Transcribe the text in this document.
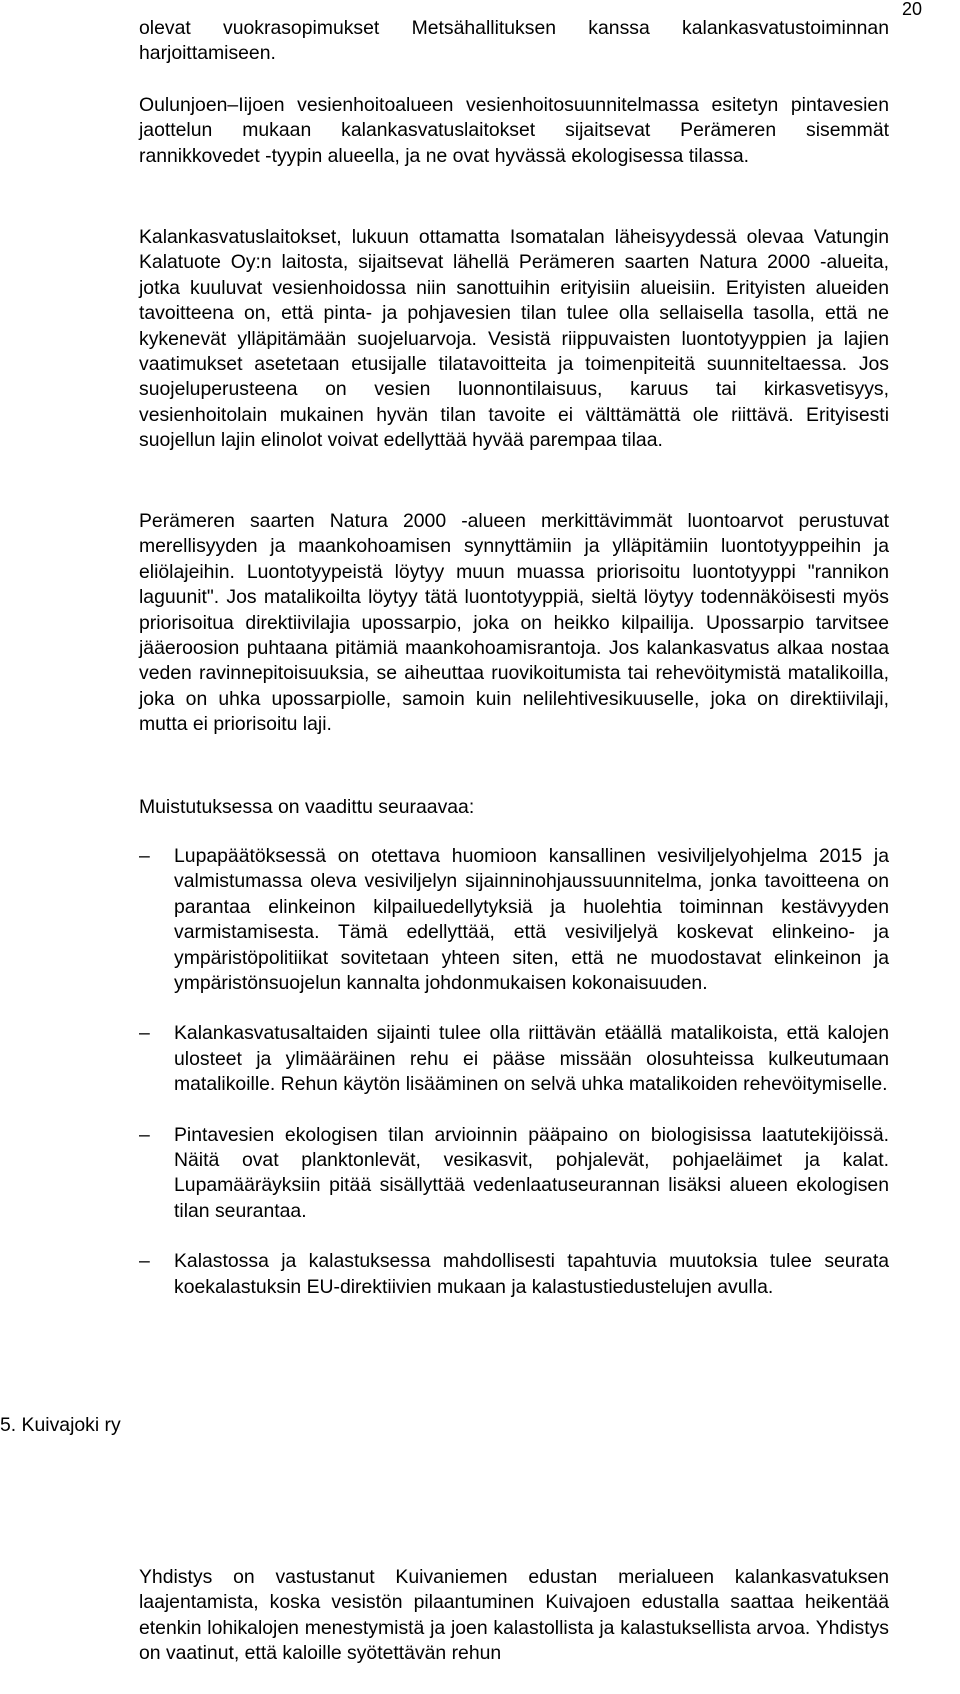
20

olevat vuokrasopimukset Metsähallituksen kanssa kalankasvatustoiminnan harjoittamiseen.

Oulunjoen–Iijoen vesienhoitoalueen vesienhoitosuunnitelmassa esitetyn pintavesien jaottelun mukaan kalankasvatuslaitokset sijaitsevat Perämeren sisemmät rannikkovedet -tyypin alueella, ja ne ovat hyvässä ekologisessa tilassa.

Kalankasvatuslaitokset, lukuun ottamatta Isomatalan läheisyydessä olevaa Vatungin Kalatuote Oy:n laitosta, sijaitsevat lähellä Perämeren saarten Natura 2000 -alueita, jotka kuuluvat vesienhoidossa niin sanottuihin erityisiin alueisiin. Erityisten alueiden tavoitteena on, että pinta- ja pohjavesien tilan tulee olla sellaisella tasolla, että ne kykenevät ylläpitämään suojeluarvoja. Vesistä riippuvaisten luontotyyppien ja lajien vaatimukset asetetaan etusijalle tilatavoitteita ja toimenpiteitä suunniteltaessa. Jos suojeluperusteena on vesien luonnontilaisuus, karuus tai kirkasvetisyys, vesienhoitolain mukainen hyvän tilan tavoite ei välttämättä ole riittävä. Erityisesti suojellun lajin elinolot voivat edellyttää hyvää parempaa tilaa.

Perämeren saarten Natura 2000 -alueen merkittävimmät luontoarvot perustuvat merellisyyden ja maankohoamisen synnyttämiin ja ylläpitämiin luontotyyppeihin ja eliölajeihin. Luontotyypeistä löytyy muun muassa priorisoitu luontotyyppi "rannikon laguunit". Jos matalikoilta löytyy tätä luontotyyppiä, sieltä löytyy todennäköisesti myös priorisoitua direktiivilajia upossarpio, joka on heikko kilpailija. Upossarpio tarvitsee jääeroosion puhtaana pitämiä maankohoamisrantoja. Jos kalankasvatus alkaa nostaa veden ravinnepitoisuuksia, se aiheuttaa ruovikoitumista tai rehevöitymistä matalikoilla, joka on uhka upossarpiolle, samoin kuin nelilehtivesikuuselle, joka on direktiivilaji, mutta ei priorisoitu laji.

Muistutuksessa on vaadittu seuraavaa:

–	Lupapäätöksessä on otettava huomioon kansallinen vesiviljelyohjelma 2015 ja valmistumassa oleva vesiviljelyn sijainninohjaussuunnitelma, jonka tavoitteena on parantaa elinkeinon kilpailuedellytyksiä ja huolehtia toiminnan kestävyyden varmistamisesta. Tämä edellyttää, että vesiviljelyä koskevat elinkeino- ja ympäristöpolitiikat sovitetaan yhteen siten, että ne muodostavat elinkeinon ja ympäristönsuojelun kannalta johdonmukaisen kokonaisuuden.
–	Kalankasvatusaltaiden sijainti tulee olla riittävän etäällä matalikoista, että kalojen ulosteet ja ylimääräinen rehu ei pääse missään olosuhteissa kulkeutumaan matalikoille. Rehun käytön lisääminen on selvä uhka matalikoiden rehevöitymiselle.
–	Pintavesien ekologisen tilan arvioinnin pääpaino on biologisissa laatutekijöissä. Näitä ovat planktonlevät, vesikasvit, pohjalevät, pohjaeläimet ja kalat. Lupamääräyksiin pitää sisällyttää vedenlaatuseurannan lisäksi alueen ekologisen tilan seurantaa.
–	Kalastossa ja kalastuksessa mahdollisesti tapahtuvia muutoksia tulee seurata koekalastuksin EU-direktiivien mukaan ja kalastustiedustelujen avulla.
5. Kuivajoki ry

Yhdistys on vastustanut Kuivaniemen edustan merialueen kalankasvatuksen laajentamista, koska vesistön pilaantuminen Kuivajoen edustalla saattaa heikentää etenkin lohikalojen menestymistä ja joen kalastollista ja kalastuksellista arvoa. Yhdistys on vaatinut, että kaloille syötettävän rehun
